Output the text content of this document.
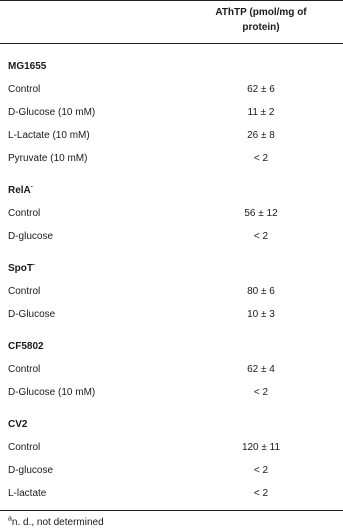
AThTP (pmol/mg of protein)
MG1655
Control	62 ± 6
D-Glucose (10 mM)	11 ± 2
L-Lactate (10 mM)	26 ± 8
Pyruvate (10 mM)	< 2
RelA-
Control	56 ± 12
D-glucose	< 2
SpoT-
Control	80 ± 6
D-Glucose	10 ± 3
CF5802
Control	62 ± 4
D-Glucose (10 mM)	< 2
CV2
Control	120 ± 11
D-glucose	< 2
L-lactate	< 2
$^a$n. d., not determined
